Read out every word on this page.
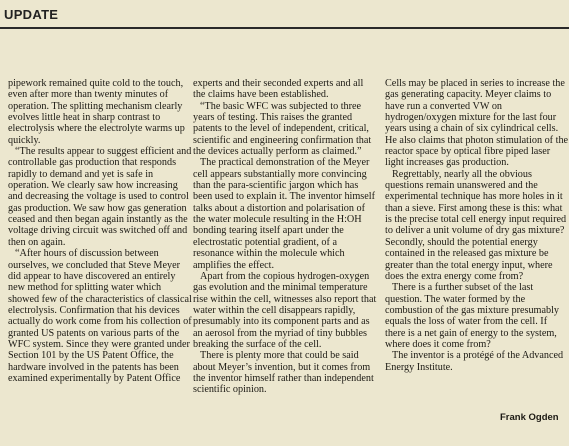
UPDATE

pipework remained quite cold to the touch, even after more than twenty minutes of operation. The splitting mechanism clearly evolves little heat in sharp contrast to electrolysis where the electrolyte warms up quickly.

“The results appear to suggest efficient and controllable gas production that responds rapidly to demand and yet is safe in operation. We clearly saw how increasing and decreasing the voltage is used to control gas production. We saw how gas generation ceased and then began again instantly as the voltage driving circuit was switched off and then on again.

“After hours of discussion between ourselves, we concluded that Steve Meyer did appear to have discovered an entirely new method for splitting water which showed few of the characteristics of classical electrolysis. Confirmation that his devices actually do work come from his collection of granted US patents on various parts of the WFC system. Since they were granted under Section 101 by the US Patent Office, the hardware involved in the patents has been examined experimentally by Patent Office

experts and their seconded experts and all the claims have been established.

“The basic WFC was subjected to three years of testing. This raises the granted patents to the level of independent, critical, scientific and engineering confirmation that the devices actually perform as claimed.”

The practical demonstration of the Meyer cell appears substantially more convincing than the para-scientific jargon which has been used to explain it. The inventor himself talks about a distortion and polarisation of the water molecule resulting in the H:OH bonding tearing itself apart under the electrostatic potential gradient, of a resonance within the molecule which amplifies the effect.

Apart from the copious hydrogen-oxygen gas evolution and the minimal temperature rise within the cell, witnesses also report that water within the cell disappears rapidly, presumably into its component parts and as an aerosol from the myriad of tiny bubbles breaking the surface of the cell.

There is plenty more that could be said about Meyer’s invention, but it comes from the inventor himself rather than independent scientific opinion.

Cells may be placed in series to increase the gas generating capacity. Meyer claims to have run a converted VW on hydrogen/oxygen mixture for the last four years using a chain of six cylindrical cells. He also claims that photon stimulation of the reactor space by optical fibre piped laser light increases gas production.

Regrettably, nearly all the obvious questions remain unanswered and the experimental technique has more holes in it than a sieve. First among these is this: what is the precise total cell energy input required to deliver a unit volume of dry gas mixture? Secondly, should the potential energy contained in the released gas mixture be greater than the total energy input, where does the extra energy come from?

There is a further subset of the last question. The water formed by the combustion of the gas mixture presumably equals the loss of water from the cell. If there is a net gain of energy to the system, where does it come from?

The inventor is a protégé of the Advanced Energy Institute.

Frank Ogden
